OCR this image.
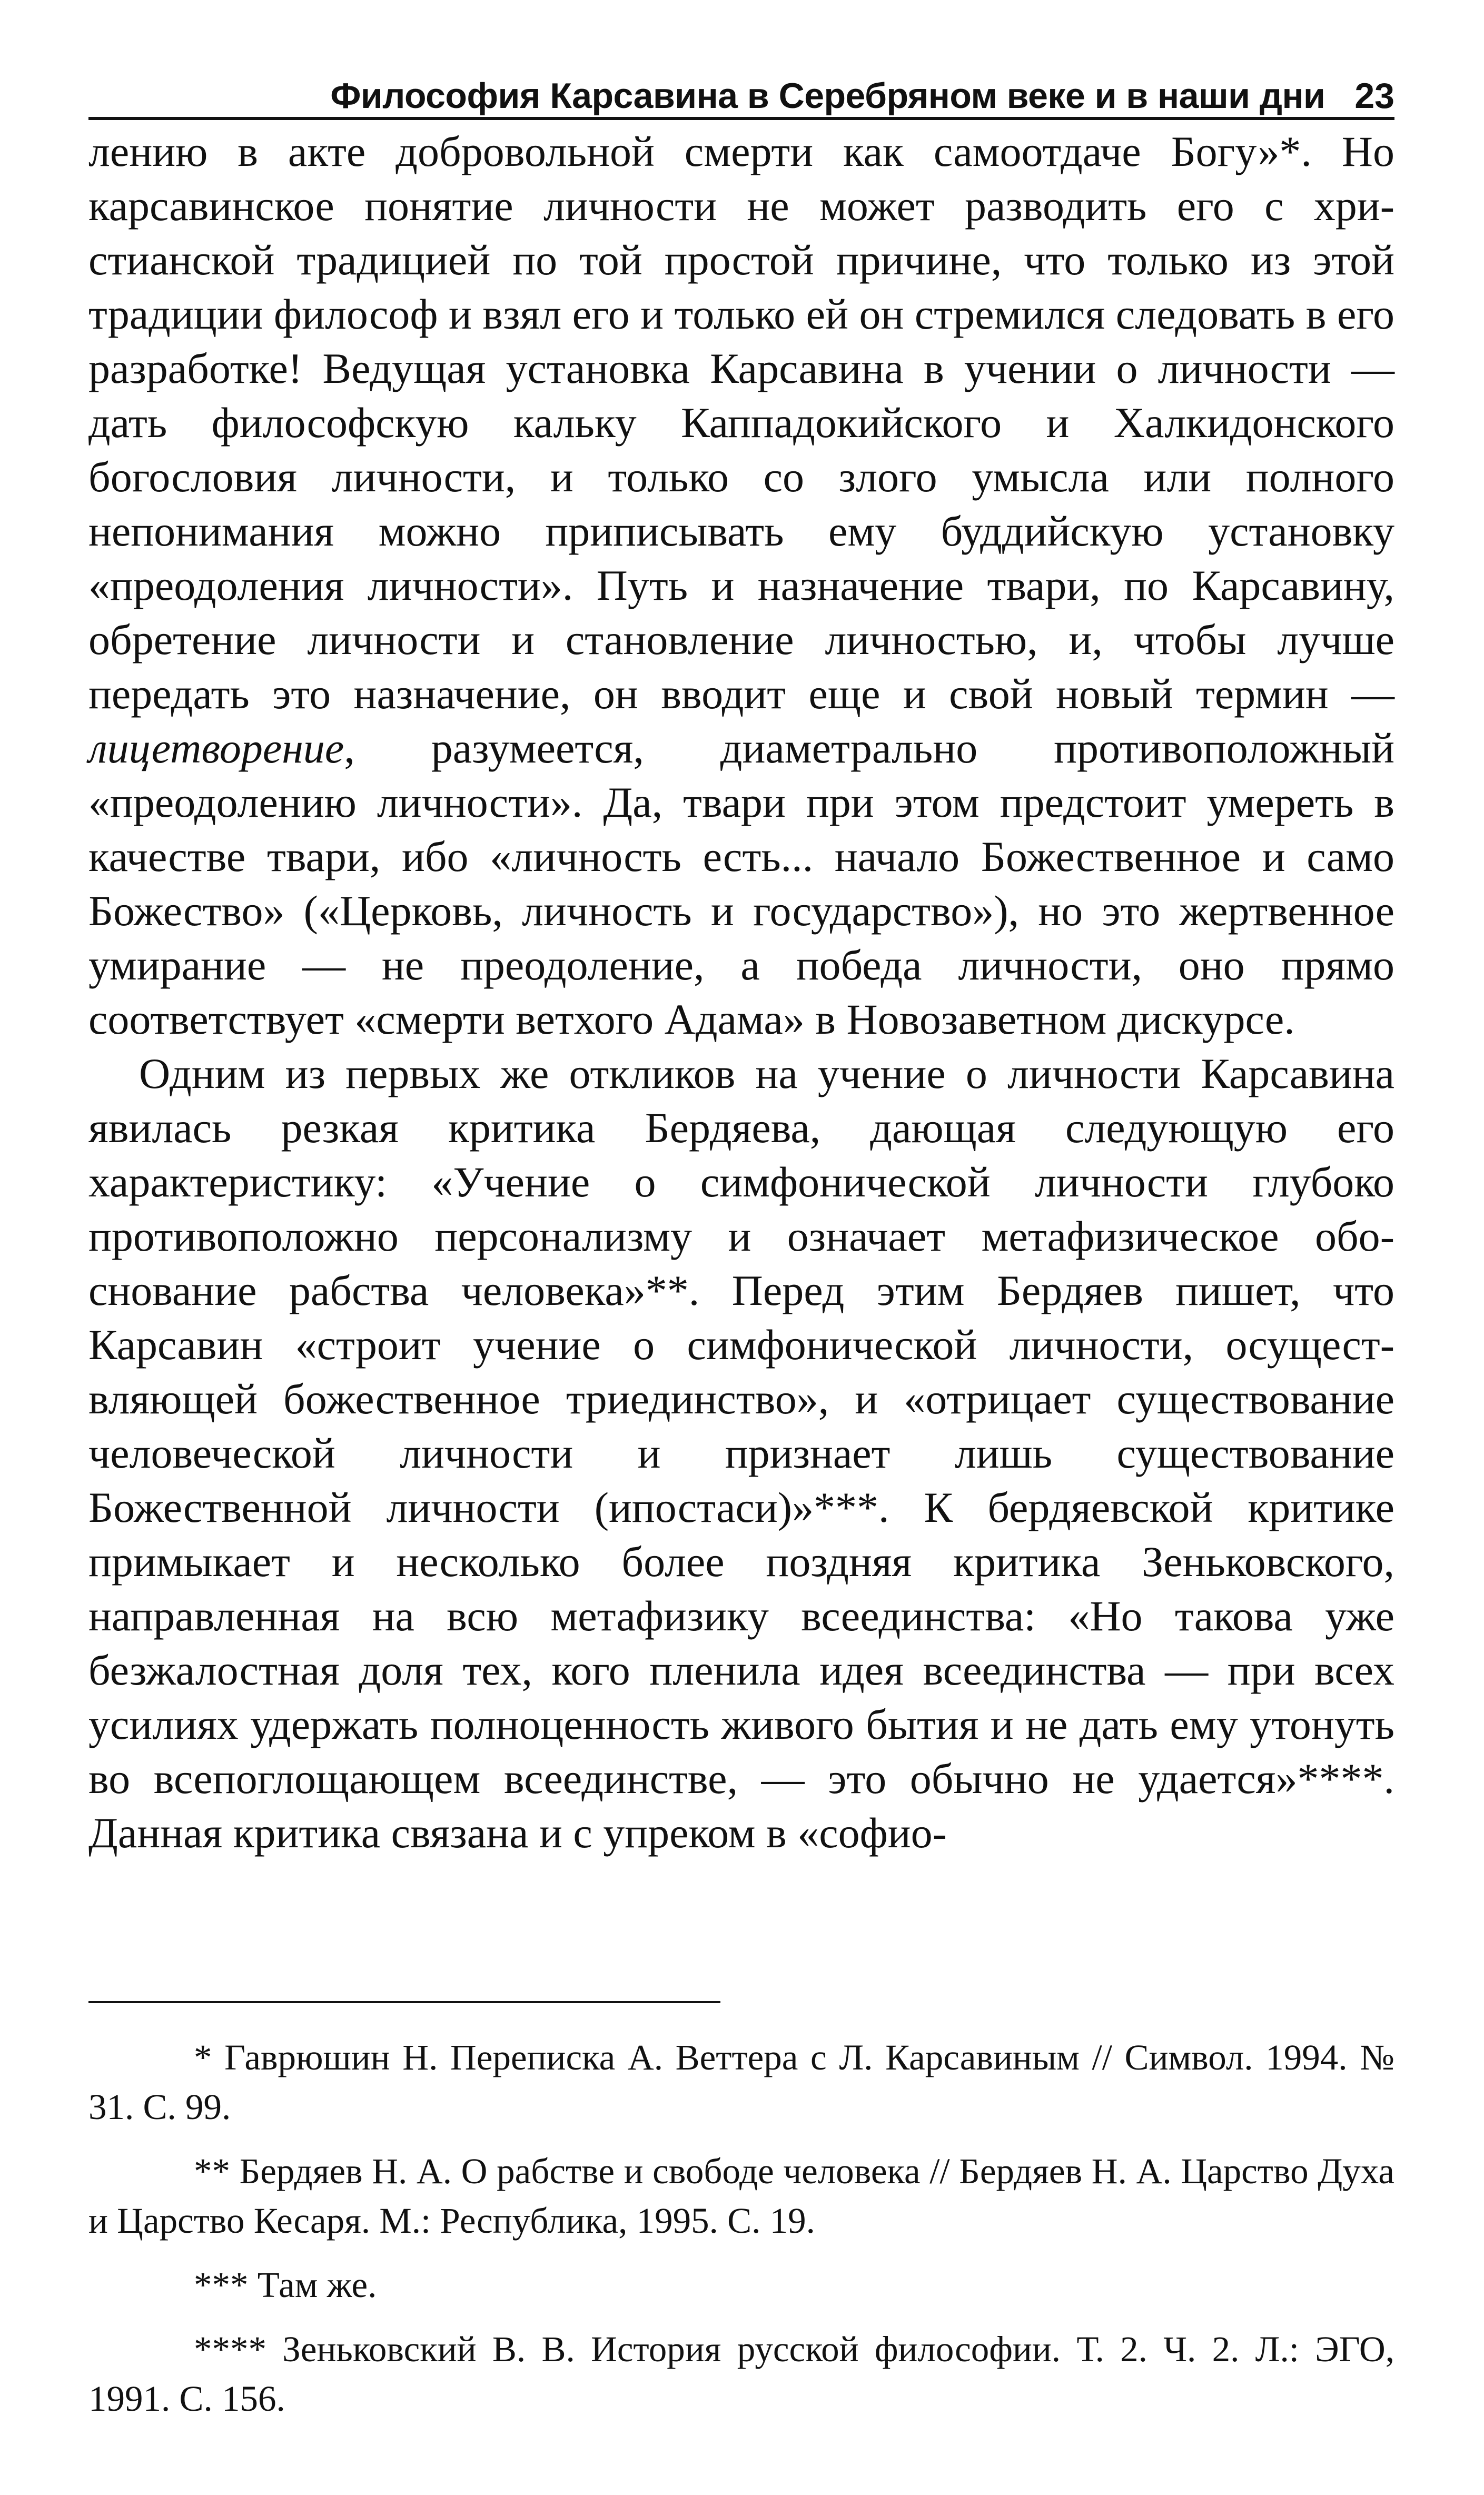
Философия Карсавина в Серебряном веке и в наши дни 23

лению в акте добровольной смерти как самоотдаче Богу»*. Но карсавинское понятие личности не может разводить его с христианской традицией по той простой причине, что только из этой традиции философ и взял его и только ей он стремился следовать в его разработке! Ведущая установка Карсавина в учении о личности — дать философскую кальку Каппадокийского и Халкидонского богословия личности, и только со злого умысла или полного непонимания можно приписывать ему буддийскую установку «преодоления личности». Путь и назначение твари, по Карсавину, обретение личности и становление личностью, и, чтобы лучше передать это назначение, он вводит еще и свой новый термин — лицетворение, разумеется, диаметрально противоположный «преодолению личности». Да, твари при этом предстоит умереть в качестве твари, ибо «личность есть... начало Божественное и само Божество» («Церковь, личность и государство»), но это жертвенное умирание — не преодоление, а победа личности, оно прямо соответствует «смерти ветхого Адама» в Новозаветном дискурсе.

Одним из первых же откликов на учение о личности Карсавина явилась резкая критика Бердяева, дающая следующую его характеристику: «Учение о симфонической личности глубоко противоположно персонализму и означает метафизическое обоснование рабства человека»**. Перед этим Бердяев пишет, что Карсавин «строит учение о симфонической личности, осуществляющей божественное триединство», и «отрицает существование человеческой личности и признает лишь существование Божественной личности (ипостаси)»***. К бердяевской критике примыкает и несколько более поздняя критика Зеньковского, направленная на всю метафизику всеединства: «Но такова уже безжалостная доля тех, кого пленила идея всеединства — при всех усилиях удержать полноценность живого бытия и не дать ему утонуть во всепоглощающем всеединстве, — это обычно не удается»****. Данная критика связана и с упреком в «софио-

* Гаврюшин Н. Переписка А. Веттера с Л. Карсавиным // Символ. 1994. № 31. С. 99.

** Бердяев Н. А. О рабстве и свободе человека // Бердяев Н. А. Царство Духа и Царство Кесаря. М.: Республика, 1995. С. 19.

*** Там же.

**** Зеньковский В. В. История русской философии. Т. 2. Ч. 2. Л.: ЭГО, 1991. С. 156.
